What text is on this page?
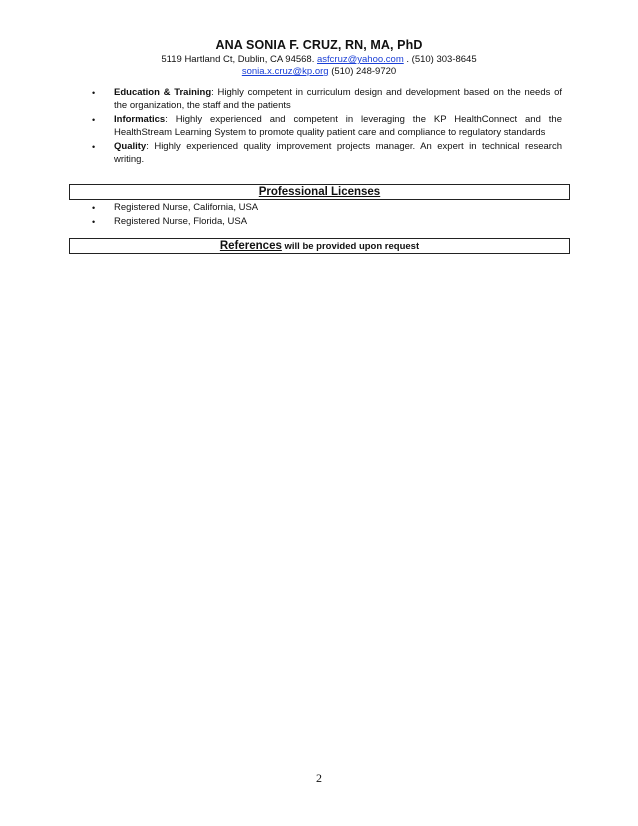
ANA SONIA F. CRUZ, RN, MA, PhD
5119 Hartland Ct, Dublin, CA 94568. asfcruz@yahoo.com . (510) 303-8645
sonia.x.cruz@kp.org (510) 248-9720
• Education & Training: Highly competent in curriculum design and development based on the needs of the organization, the staff and the patients
• Informatics: Highly experienced and competent in leveraging the KP HealthConnect and the HealthStream Learning System to promote quality patient care and compliance to regulatory standards
• Quality: Highly experienced quality improvement projects manager. An expert in technical research writing.
Professional Licenses
• Registered Nurse, California, USA
• Registered Nurse, Florida, USA
References will be provided upon request
2
